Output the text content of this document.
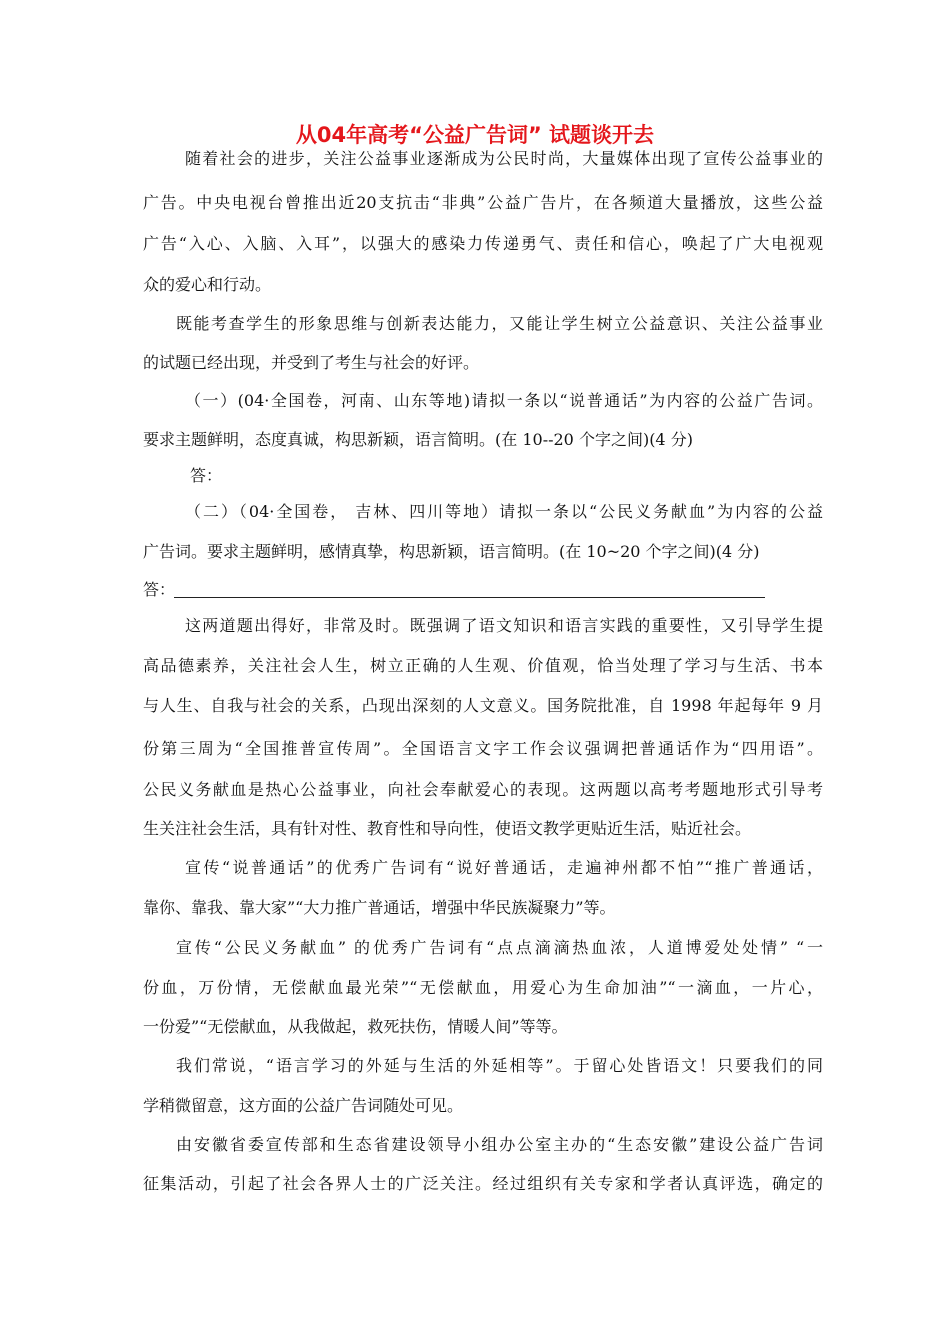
从04年高考“公益广告词” 试题谈开去
随着社会的进步，关注公益事业逐渐成为公民时尚，大量媒体出现了宣传公益事业的
广告。中央电视台曾推出近20支抗击“非典”公益广告片，在各频道大量播放，这些公益
广告“入心、入脑、入耳”，以强大的感染力传递勇气、责任和信心，唤起了广大电视观
众的爱心和行动。
既能考查学生的形象思维与创新表达能力，又能让学生树立公益意识、关注公益事业
的试题已经出现，并受到了考生与社会的好评。
（一）(04·全国卷，河南、山东等地)请拟一条以“说普通话”为内容的公益广告词。
要求主题鲜明，态度真诚，构思新颖，语言简明。(在 10--20 个字之间)(4 分)
答：
（二）（04·全国卷， 吉林、四川等地）请拟一条以“公民义务献血”为内容的公益
广告词。要求主题鲜明，感情真挚，构思新颖，语言简明。(在 10~20 个字之间)(4 分)
答：
这两道题出得好，非常及时。既强调了语文知识和语言实践的重要性，又引导学生提
高品德素养，关注社会人生，树立正确的人生观、价值观，恰当处理了学习与生活、书本
与人生、自我与社会的关系，凸现出深刻的人文意义。国务院批准，自 1998 年起每年 9 月
份第三周为“全国推普宣传周”。全国语言文字工作会议强调把普通话作为“四用语”。
公民义务献血是热心公益事业，向社会奉献爱心的表现。这两题以高考考题地形式引导考
生关注社会生活，具有针对性、教育性和导向性，使语文教学更贴近生活，贴近社会。
宣传“说普通话”的优秀广告词有“说好普通话，走遍神州都不怕”“推广普通话，
靠你、靠我、靠大家”“大力推广普通话，增强中华民族凝聚力”等。
宣传“公民义务献血” 的优秀广告词有“点点滴滴热血浓，人道博爱处处情” “一
份血，万份情，无偿献血最光荣”“无偿献血，用爱心为生命加油”“一滴血，一片心，
一份爱”“无偿献血，从我做起，救死扶伤，情暖人间”等等。
我们常说，“语言学习的外延与生活的外延相等”。于留心处皆语文！只要我们的同
学稍微留意，这方面的公益广告词随处可见。
由安徽省委宣传部和生态省建设领导小组办公室主办的“生态安徽”建设公益广告词
征集活动，引起了社会各界人士的广泛关注。经过组织有关专家和学者认真评选，确定的
